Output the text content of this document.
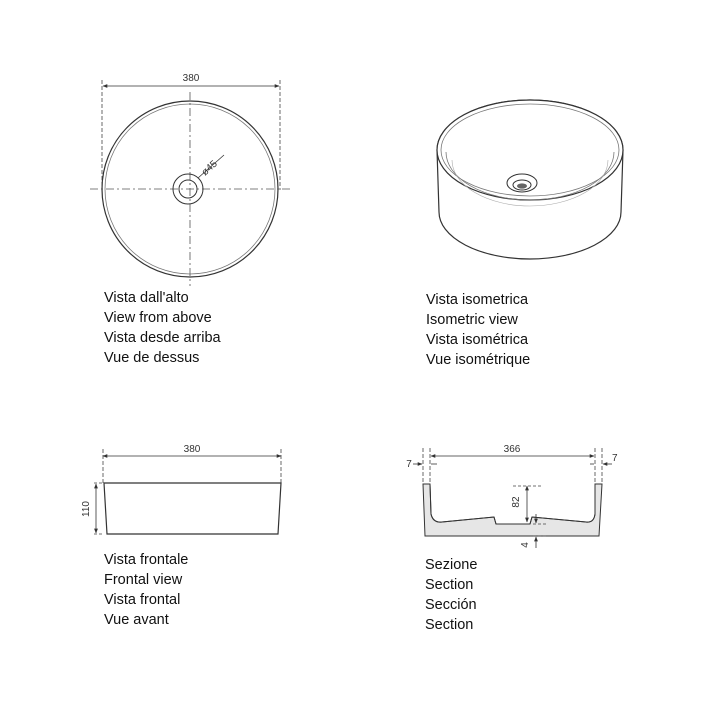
380
ø45
380
110
366
7
7
82
4
Vista dall'alto
View from above
Vista desde arriba
Vue de dessus
Vista isometrica
Isometric view
Vista isométrica
Vue isométrique
Vista frontale
Frontal view
Vista frontal
Vue avant
Sezione
Section
Sección
Section
